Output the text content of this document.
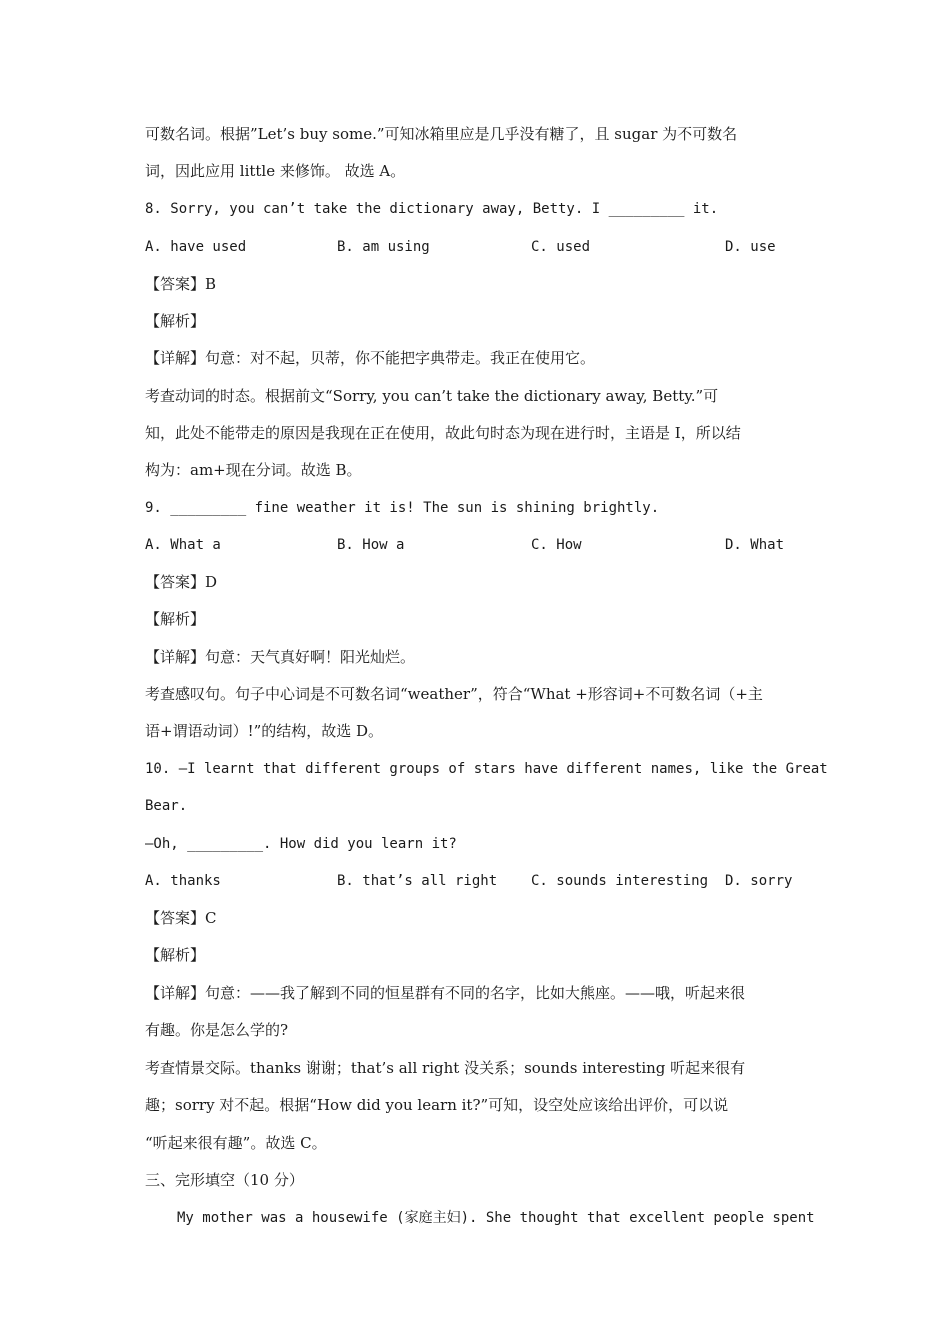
可数名词。根据”Let’s buy some.”可知冰箱里应是几乎没有糖了，且 sugar 为不可数名
词，因此应用 little 来修饰。 故选 A。
8. Sorry, you can’t take the dictionary away, Betty. I _________ it.
A. have used	B. am using	C. used	D. use
【答案】B
【解析】
【详解】句意：对不起，贝蒂，你不能把字典带走。我正在使用它。
考查动词的时态。根据前文“Sorry, you can’t take the dictionary away, Betty.”可
知，此处不能带走的原因是我现在正在使用，故此句时态为现在进行时，主语是 I，所以结
构为：am+现在分词。故选 B。
9. _________ fine weather it is! The sun is shining brightly.
A. What a	B. How a	C. How	D. What
【答案】D
【解析】
【详解】句意：天气真好啊！阳光灿烂。
考查感叹句。句子中心词是不可数名词“weather”，符合“What +形容词+不可数名词（+主
语+谓语动词）!”的结构，故选 D。
10. —I learnt that different groups of stars have different names, like the Great
Bear.
—Oh, _________. How did you learn it?
A. thanks	B. that’s all right C. sounds interesting D. sorry
【答案】C
【解析】
【详解】句意：——我了解到不同的恒星群有不同的名字，比如大熊座。——哦，听起来很
有趣。你是怎么学的?
考查情景交际。thanks 谢谢；that’s all right 没关系；sounds interesting 听起来很有
趣；sorry 对不起。根据“How did you learn it?”可知，设空处应该给出评价，可以说
“听起来很有趣”。故选 C。
三、完形填空（10 分）
My mother was a housewife (家庭主妇). She thought that excellent people spent
